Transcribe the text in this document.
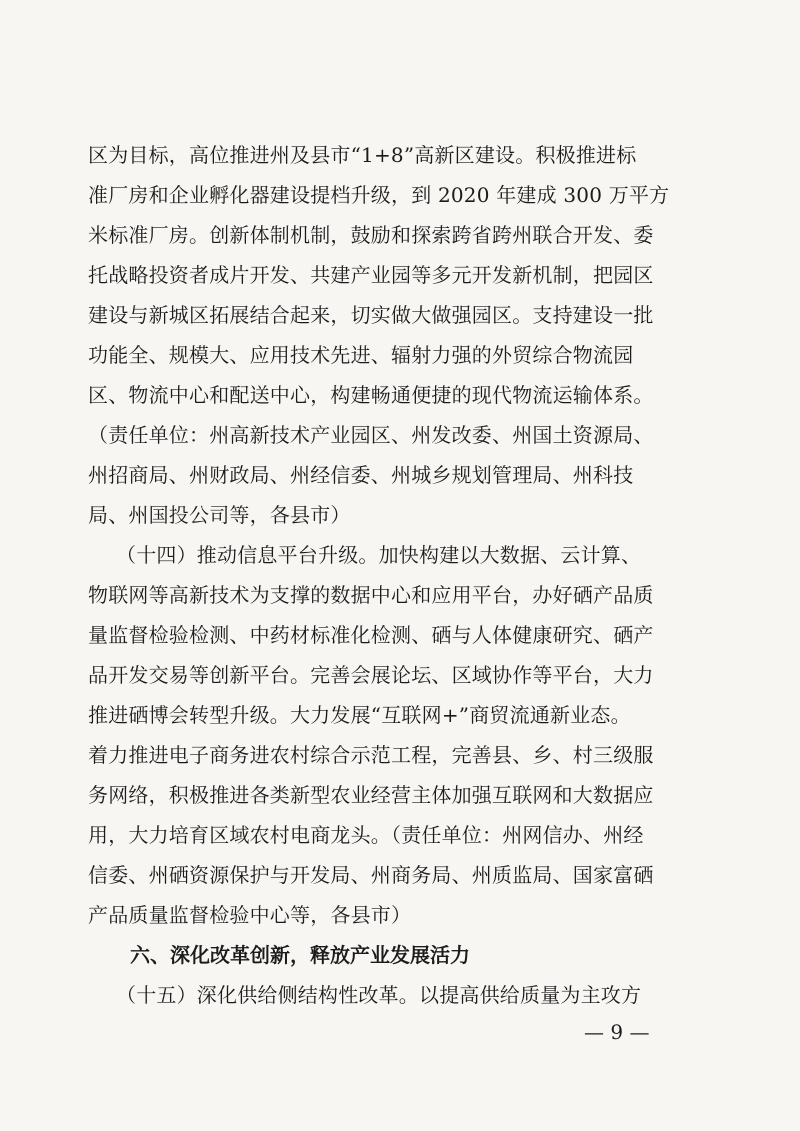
区为目标，高位推进州及县市“1+8”高新区建设。积极推进标
准厂房和企业孵化器建设提档升级，到 2020 年建成 300 万平方
米标准厂房。创新体制机制，鼓励和探索跨省跨州联合开发、委
托战略投资者成片开发、共建产业园等多元开发新机制，把园区
建设与新城区拓展结合起来，切实做大做强园区。支持建设一批
功能全、规模大、应用技术先进、辐射力强的外贸综合物流园
区、物流中心和配送中心，构建畅通便捷的现代物流运输体系。
（责任单位：州高新技术产业园区、州发改委、州国土资源局、
州招商局、州财政局、州经信委、州城乡规划管理局、州科技
局、州国投公司等，各县市）
（十四）推动信息平台升级。加快构建以大数据、云计算、
物联网等高新技术为支撑的数据中心和应用平台，办好硒产品质
量监督检验检测、中药材标准化检测、硒与人体健康研究、硒产
品开发交易等创新平台。完善会展论坛、区域协作等平台，大力
推进硒博会转型升级。大力发展“互联网+”商贸流通新业态。
着力推进电子商务进农村综合示范工程，完善县、乡、村三级服
务网络，积极推进各类新型农业经营主体加强互联网和大数据应
用，大力培育区域农村电商龙头。（责任单位：州网信办、州经
信委、州硒资源保护与开发局、州商务局、州质监局、国家富硒
产品质量监督检验中心等，各县市）
六、深化改革创新，释放产业发展活力
（十五）深化供给侧结构性改革。以提高供给质量为主攻方
— 9 —
